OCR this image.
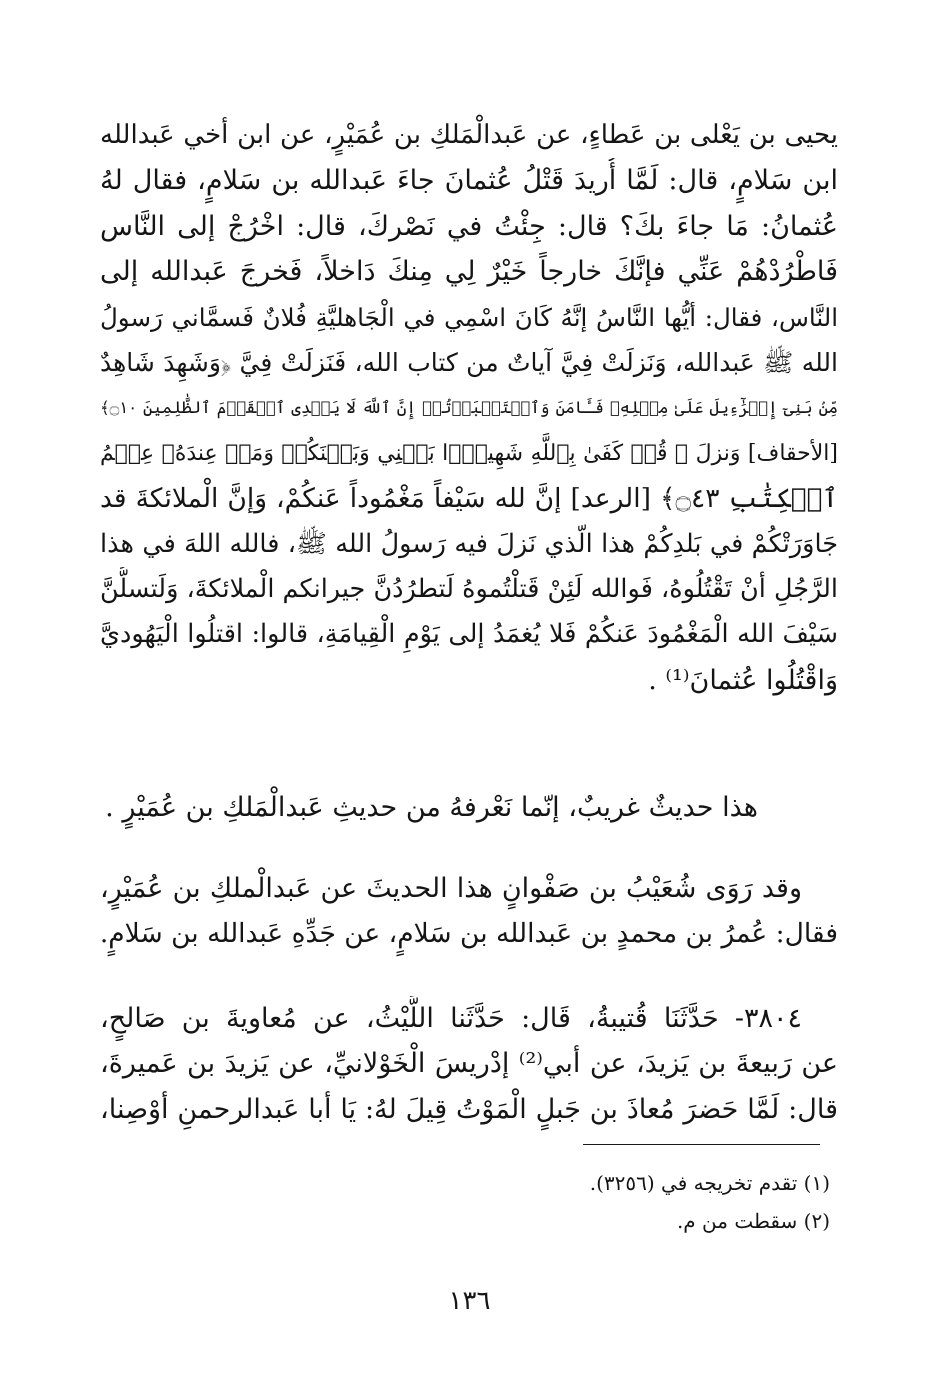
يحيى بن يَعْلى بن عَطاءٍ، عن عَبدالْمَلكِ بن عُمَيْرٍ، عن ابن أخي عَبدالله
ابن سَلامٍ، قال: لَمَّا أُريدَ قَتْلُ عُثمانَ جاءَ عَبدالله بن سَلامٍ، فقال لهُ
عُثمانُ: مَا جاءَ بكَ؟ قال: جِئْتُ في نَصْركَ، قال: اخْرُجْ إلى النَّاس
فَاطْرُدْهُمْ عَنِّي فإنَّكَ خارجاً خَيْرٌ لِي مِنكَ دَاخلاً، فَخرجَ عَبدالله إلى
النَّاس، فقال: أيُّها النَّاسُ إنَّهُ كَانَ اسْمِي في الْجَاهليَّةِ فُلانٌ فَسمَّاني رَسولُ
الله ﷺ عَبدالله، وَنَزلَتْ فِيَّ آياتٌ من كتاب الله، فَنَزلَتْ فِيَّ ﴿وَشَهِدَ شَاهِدٌ
مِّنۢ بَنِىٓ إِسۡرَٰٓءِيلَ عَلَىٰ مِثۡلِهِۦ فَـَٔامَنَ وَٱسۡتَكۡبَرۡتُمۡ إِنَّ ٱللَّهَ لَا يَهۡدِى ٱلۡقَوۡمَ ٱلظَّٰلِمِينَ ۝١٠﴾
[الأحقاف] وَنزلَ ﴿ قُلۡ كَفَىٰ بِٱللَّهِ شَهِيدَۢا بَيۡنِي وَبَيۡنَكُمۡ وَمَنۡ عِندَهُۥ عِلۡمُ
ٱلۡكِتَٰبِ ۝٤٣﴾ [الرعد] إنَّ لله سَيْفاً مَغْمُوداً عَنكُمْ، وَإنَّ الْملائكةَ قد
جَاوَرَتْكُمْ في بَلدِكُمْ هذا الّذي نَزلَ فيه رَسولُ الله ﷺ، فالله اللهَ في هذا
الرَّجُلِ أنْ تَقْتُلُوهُ، فَوالله لَئِنْ قَتلْتُموهُ لَتطرُدُنَّ جيرانكم الْملائكةَ، وَلَتسلُّنَّ
سَيْفَ الله الْمَغْمُودَ عَنكُمْ فَلا يُغمَدُ إلى يَوْمِ الْقِيامَةِ، قالوا: اقتلُوا الْيَهُوديَّ
وَاقْتُلُوا عُثمانَ⁽¹⁾ .
هذا حديثٌ غريبٌ، إنّما نَعْرفهُ من حديثِ عَبدالْمَلكِ بن عُمَيْرٍ .
وقد رَوَى شُعَيْبُ بن صَفْوانٍ هذا الحديثَ عن عَبدالْملكِ بن عُمَيْرٍ،
فقال: عُمرُ بن محمدٍ بن عَبدالله بن سَلامٍ، عن جَدِّهِ عَبدالله بن سَلامٍ.
٣٨٠٤- حَدَّثَنَا قُتيبةُ، قَال: حَدَّثَنا اللَّيْثُ، عن مُعاويةَ بن صَالحٍ،
عن رَبيعةَ بن يَزيدَ، عن أبي⁽²⁾ إدْريسَ الْخَوْلانيِّ، عن يَزيدَ بن عَميرةَ،
قال: لَمَّا حَضرَ مُعاذَ بن جَبلٍ الْمَوْتُ قِيلَ لهُ: يَا أبا عَبدالرحمنِ أوْصِنا،
(١) تقدم تخريجه في (٣٢٥٦).
(٢) سقطت من م.
١٣٦
